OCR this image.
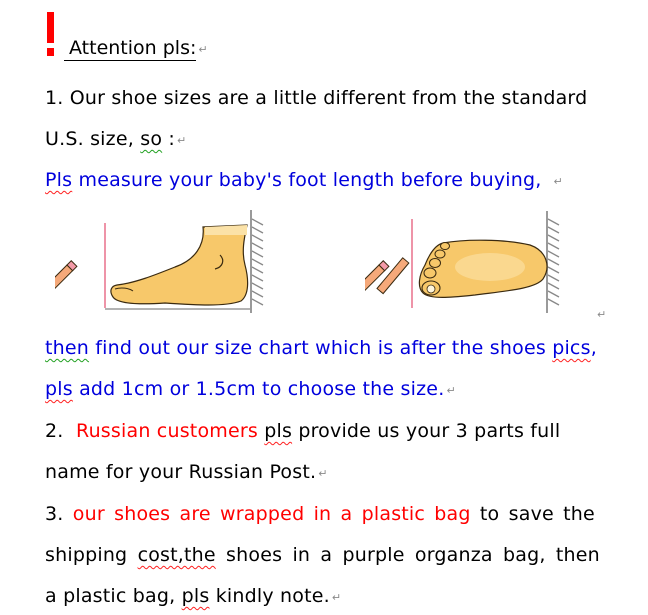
Attention pls: ↵
1. Our shoe sizes are a little different from the standard
U.S. size, so : ↵
Pls measure your baby's foot length before buying, ↵
↵
then find out our size chart which is after the shoes pics,
pls add 1cm or 1.5cm to choose the size. ↵
2. Russian customers pls provide us your 3 parts full
name for your Russian Post. ↵
3. our shoes are wrapped in a plastic bag to save the
shipping cost,the shoes in a purple organza bag, then
a plastic bag, pls kindly note. ↵
